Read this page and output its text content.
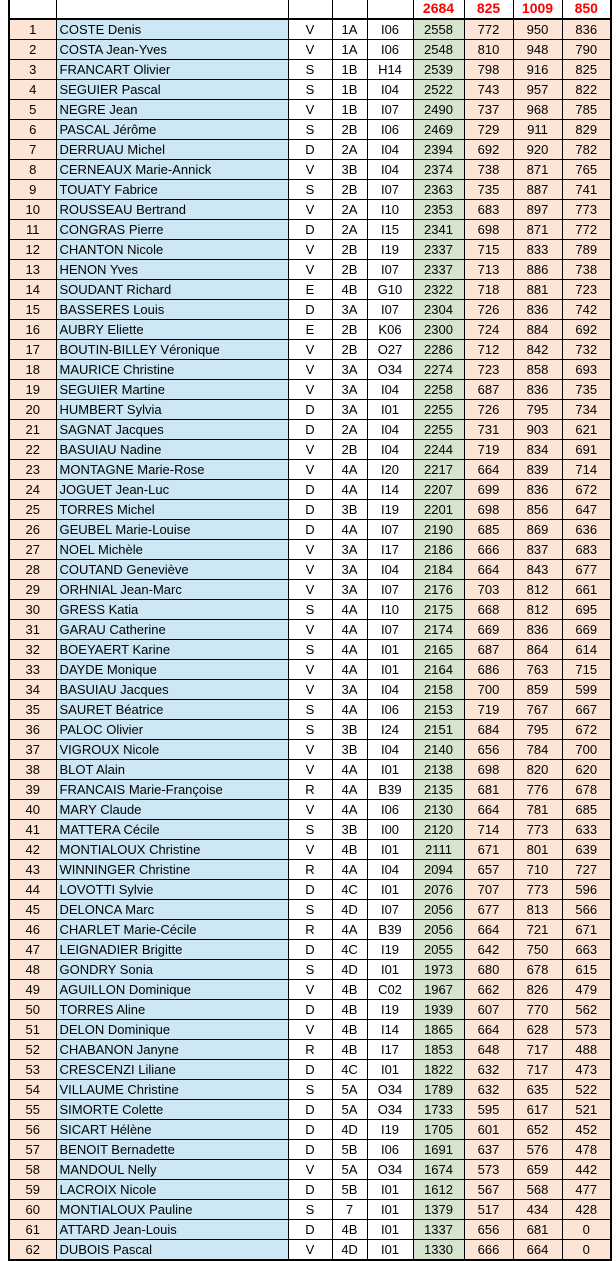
					2684	825	1009	850
1	COSTE Denis	V	1A	I06	2558	772	950	836
2	COSTA Jean-Yves	V	1A	I06	2548	810	948	790
3	FRANCART Olivier	S	1B	H14	2539	798	916	825
4	SEGUIER Pascal	S	1B	I04	2522	743	957	822
5	NEGRE Jean	V	1B	I07	2490	737	968	785
6	PASCAL Jérôme	S	2B	I06	2469	729	911	829
7	DERRUAU Michel	D	2A	I04	2394	692	920	782
8	CERNEAUX Marie-Annick	V	3B	I04	2374	738	871	765
9	TOUATY Fabrice	S	2B	I07	2363	735	887	741
10	ROUSSEAU Bertrand	V	2A	I10	2353	683	897	773
11	CONGRAS Pierre	D	2A	I15	2341	698	871	772
12	CHANTON Nicole	V	2B	I19	2337	715	833	789
13	HENON Yves	V	2B	I07	2337	713	886	738
14	SOUDANT Richard	E	4B	G10	2322	718	881	723
15	BASSERES Louis	D	3A	I07	2304	726	836	742
16	AUBRY Eliette	E	2B	K06	2300	724	884	692
17	BOUTIN-BILLEY Véronique	V	2B	O27	2286	712	842	732
18	MAURICE Christine	V	3A	O34	2274	723	858	693
19	SEGUIER Martine	V	3A	I04	2258	687	836	735
20	HUMBERT Sylvia	D	3A	I01	2255	726	795	734
21	SAGNAT Jacques	D	2A	I04	2255	731	903	621
22	BASUIAU Nadine	V	2B	I04	2244	719	834	691
23	MONTAGNE Marie-Rose	V	4A	I20	2217	664	839	714
24	JOGUET Jean-Luc	D	4A	I14	2207	699	836	672
25	TORRES Michel	D	3B	I19	2201	698	856	647
26	GEUBEL Marie-Louise	D	4A	I07	2190	685	869	636
27	NOEL Michèle	V	3A	I17	2186	666	837	683
28	COUTAND Geneviève	V	3A	I04	2184	664	843	677
29	ORHNIAL Jean-Marc	V	3A	I07	2176	703	812	661
30	GRESS Katia	S	4A	I10	2175	668	812	695
31	GARAU Catherine	V	4A	I07	2174	669	836	669
32	BOEYAERT Karine	S	4A	I01	2165	687	864	614
33	DAYDE Monique	V	4A	I01	2164	686	763	715
34	BASUIAU Jacques	V	3A	I04	2158	700	859	599
35	SAURET Béatrice	S	4A	I06	2153	719	767	667
36	PALOC Olivier	S	3B	I24	2151	684	795	672
37	VIGROUX Nicole	V	3B	I04	2140	656	784	700
38	BLOT Alain	V	4A	I01	2138	698	820	620
39	FRANCAIS Marie-Françoise	R	4A	B39	2135	681	776	678
40	MARY Claude	V	4A	I06	2130	664	781	685
41	MATTERA Cécile	S	3B	I00	2120	714	773	633
42	MONTIALOUX Christine	V	4B	I01	2111	671	801	639
43	WINNINGER Christine	R	4A	I04	2094	657	710	727
44	LOVOTTI Sylvie	D	4C	I01	2076	707	773	596
45	DELONCA Marc	S	4D	I07	2056	677	813	566
46	CHARLET Marie-Cécile	R	4A	B39	2056	664	721	671
47	LEIGNADIER Brigitte	D	4C	I19	2055	642	750	663
48	GONDRY Sonia	S	4D	I01	1973	680	678	615
49	AGUILLON Dominique	V	4B	C02	1967	662	826	479
50	TORRES Aline	D	4B	I19	1939	607	770	562
51	DELON Dominique	V	4B	I14	1865	664	628	573
52	CHABANON Janyne	R	4B	I17	1853	648	717	488
53	CRESCENZI Liliane	D	4C	I01	1822	632	717	473
54	VILLAUME Christine	S	5A	O34	1789	632	635	522
55	SIMORTE Colette	D	5A	O34	1733	595	617	521
56	SICART Hélène	D	4D	I19	1705	601	652	452
57	BENOIT Bernadette	D	5B	I06	1691	637	576	478
58	MANDOUL Nelly	V	5A	O34	1674	573	659	442
59	LACROIX Nicole	D	5B	I01	1612	567	568	477
60	MONTIALOUX Pauline	S	7	I01	1379	517	434	428
61	ATTARD Jean-Louis	D	4B	I01	1337	656	681	0
62	DUBOIS Pascal	V	4D	I01	1330	666	664	0
